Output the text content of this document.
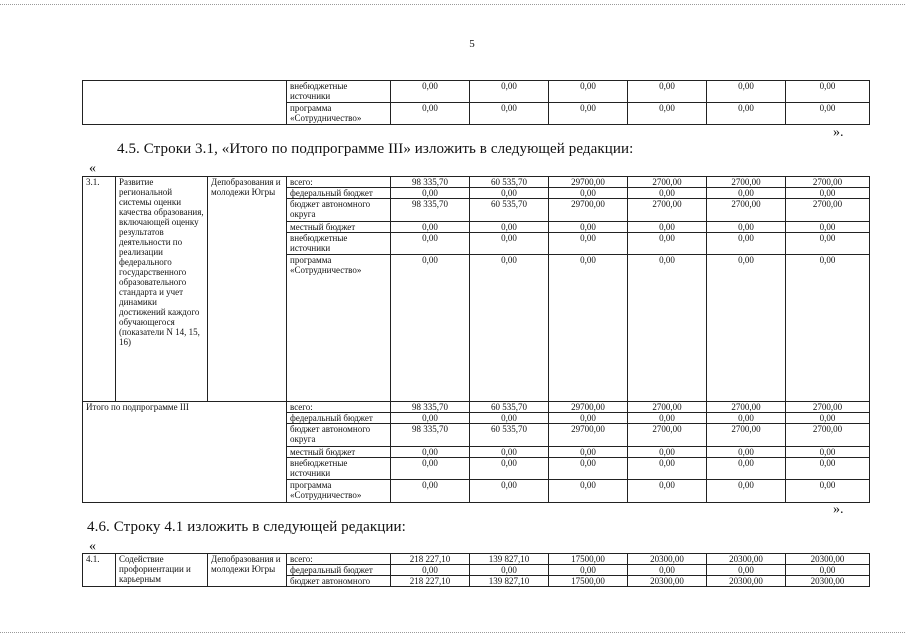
5
	внебюджетные источники	0,00	0,00	0,00	0,00	0,00	0,00
	программа «Сотрудничество»	0,00	0,00	0,00	0,00	0,00	0,00
».
4.5. Строки 3.1, «Итого по подпрограмме III» изложить в следующей редакции:
«
3.1.	Развитие региональной системы оценки качества образования, включающей оценку результатов деятельности по реализации федерального государственного образовательного стандарта и учет динамики достижений каждого обучающегося (показатели N 14, 15, 16)	Депобразования и молодежи Югры	всего:	98 335,70	60 535,70	29700,00	2700,00	2700,00	2700,00
			федеральный бюджет	0,00	0,00	0,00	0,00	0,00	0,00
			бюджет автономного округа	98 335,70	60 535,70	29700,00	2700,00	2700,00	2700,00
			местный бюджет	0,00	0,00	0,00	0,00	0,00	0,00
			внебюджетные источники	0,00	0,00	0,00	0,00	0,00	0,00
			программа «Сотрудничество»	0,00	0,00	0,00	0,00	0,00	0,00
Итого по подпрограмме III			всего:	98 335,70	60 535,70	29700,00	2700,00	2700,00	2700,00
			федеральный бюджет	0,00	0,00	0,00	0,00	0,00	0,00
			бюджет автономного округа	98 335,70	60 535,70	29700,00	2700,00	2700,00	2700,00
			местный бюджет	0,00	0,00	0,00	0,00	0,00	0,00
			внебюджетные источники	0,00	0,00	0,00	0,00	0,00	0,00
			программа «Сотрудничество»	0,00	0,00	0,00	0,00	0,00	0,00
».
4.6. Строку 4.1 изложить в следующей редакции:
«
4.1.	Содействие профориентации и карьерным	Депобразования и молодежи Югры	всего:	218 227,10	139 827,10	17500,00	20300,00	20300,00	20300,00
			федеральный бюджет	0,00	0,00	0,00	0,00	0,00	0,00
			бюджет автономного	218 227,10	139 827,10	17500,00	20300,00	20300,00	20300,00
